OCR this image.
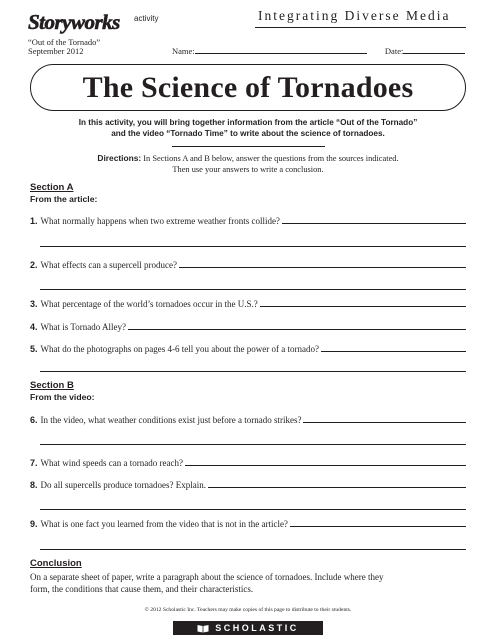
Storyworks activity	Integrating Diverse Media
“Out of the Tornado”
September 2012	Name:	Date:
The Science of Tornadoes
In this activity, you will bring together information from the article “Out of the Tornado”
and the video “Tornado Time” to write about the science of tornadoes.
Directions: In Sections A and B below, answer the questions from the sources indicated.
Then use your answers to write a conclusion.
Section A
From the article:
1. What normally happens when two extreme weather fronts collide?
2. What effects can a supercell produce?
3. What percentage of the world’s tornadoes occur in the U.S.?
4. What is Tornado Alley?
5. What do the photographs on pages 4-6 tell you about the power of a tornado?
Section B
From the video:
6. In the video, what weather conditions exist just before a tornado strikes?
7. What wind speeds can a tornado reach?
8. Do all supercells produce tornadoes? Explain.
9. What is one fact you learned from the video that is not in the article?
Conclusion
On a separate sheet of paper, write a paragraph about the science of tornadoes. Include where they
form, the conditions that cause them, and their characteristics.
© 2012 Scholastic Inc. Teachers may make copies of this page to distribute to their students.
SCHOLASTIC
